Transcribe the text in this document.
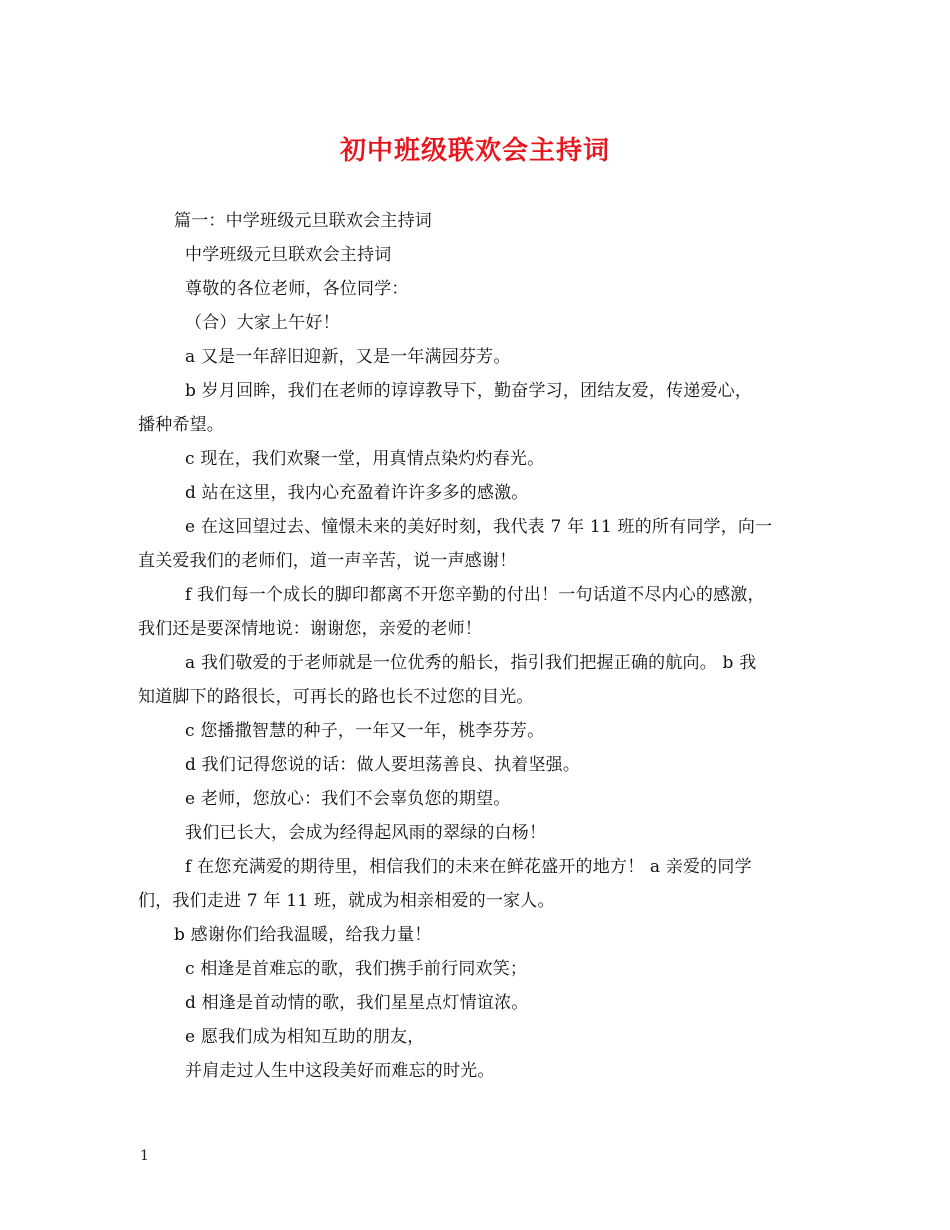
初中班级联欢会主持词
篇一：中学班级元旦联欢会主持词
中学班级元旦联欢会主持词
尊敬的各位老师，各位同学：
（合）大家上午好！
a 又是一年辞旧迎新，又是一年满园芬芳。
b 岁月回眸，我们在老师的谆谆教导下，勤奋学习，团结友爱，传递爱心，
播种希望。
c 现在，我们欢聚一堂，用真情点染灼灼春光。
d 站在这里，我内心充盈着许许多多的感激。
e 在这回望过去、憧憬未来的美好时刻，我代表 7 年 11 班的所有同学，向一
直关爱我们的老师们，道一声辛苦，说一声感谢！
f 我们每一个成长的脚印都离不开您辛勤的付出！一句话道不尽内心的感激，
我们还是要深情地说：谢谢您，亲爱的老师！
a 我们敬爱的于老师就是一位优秀的船长，指引我们把握正确的航向。 b 我
知道脚下的路很长，可再长的路也长不过您的目光。
c 您播撒智慧的种子，一年又一年，桃李芬芳。
d 我们记得您说的话：做人要坦荡善良、执着坚强。
e 老师，您放心：我们不会辜负您的期望。
我们已长大，会成为经得起风雨的翠绿的白杨！
f 在您充满爱的期待里，相信我们的未来在鲜花盛开的地方！ a 亲爱的同学
们，我们走进 7 年 11 班，就成为相亲相爱的一家人。
b 感谢你们给我温暖，给我力量！
c 相逢是首难忘的歌，我们携手前行同欢笑；
d 相逢是首动情的歌，我们星星点灯情谊浓。
e 愿我们成为相知互助的朋友，
并肩走过人生中这段美好而难忘的时光。
1
